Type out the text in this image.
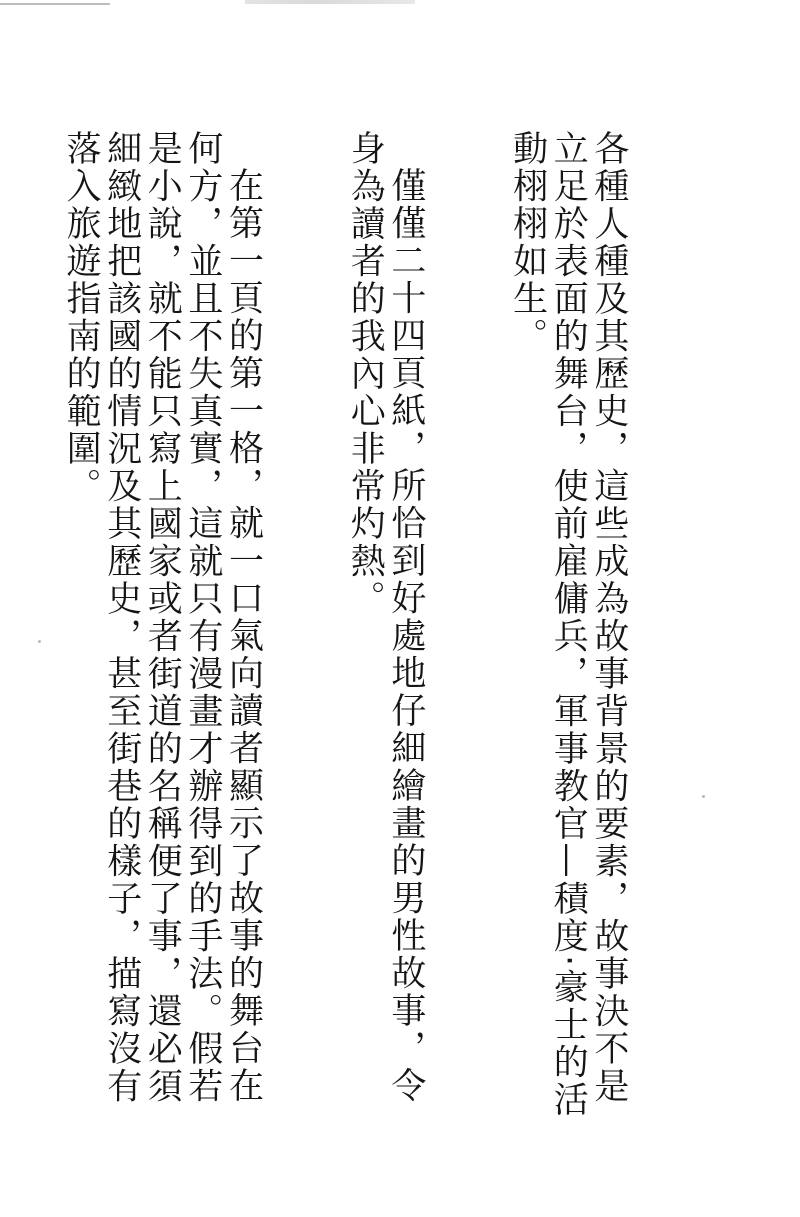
各種人種及其歷史，這些成為故事背景的要素，故事決不是立足於表面的舞台，使前雇傭兵，軍事教官—積度‧豪士的活動栩栩如生。

僅僅二十四頁紙，所恰到好處地仔細繪畫的男性故事，令身為讀者的我內心非常灼熱。

在第一頁的第一格，就一口氣向讀者顯示了故事的舞台在何方，並且不失真實，這就只有漫畫才辦得到的手法。假若是小說，就不能只寫上國家或者街道的名稱便了事，還必須細緻地把該國的情況及其歷史，甚至街巷的樣子，描寫沒有落入旅遊指南的範圍。
